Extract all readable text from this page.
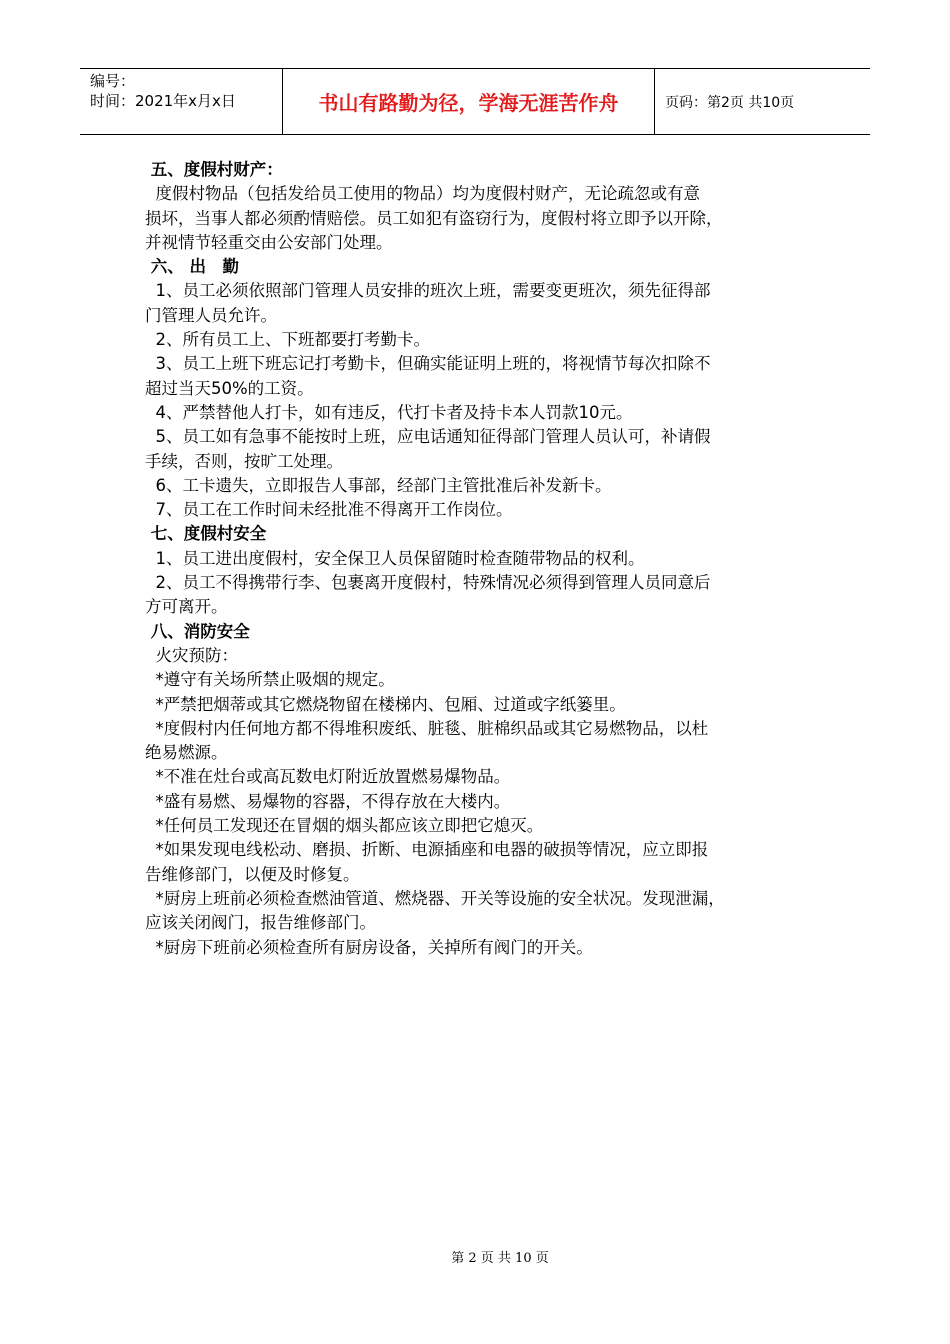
编号：
时间：2021年x月x日	书山有路勤为径，学海无涯苦作舟	页码：第2页 共10页
五、度假村财产：
度假村物品（包括发给员工使用的物品）均为度假村财产，无论疏忽或有意
损坏，当事人都必须酌情赔偿。员工如犯有盗窃行为，度假村将立即予以开除，
并视情节轻重交由公安部门处理。
六、 出　勤
1、员工必须依照部门管理人员安排的班次上班，需要变更班次，须先征得部
门管理人员允许。
2、所有员工上、下班都要打考勤卡。
3、员工上班下班忘记打考勤卡，但确实能证明上班的，将视情节每次扣除不
超过当天50%的工资。
4、严禁替他人打卡，如有违反，代打卡者及持卡本人罚款10元。
5、员工如有急事不能按时上班，应电话通知征得部门管理人员认可，补请假
手续，否则，按旷工处理。
6、工卡遗失，立即报告人事部，经部门主管批准后补发新卡。
7、员工在工作时间未经批准不得离开工作岗位。
七、度假村安全
1、员工进出度假村，安全保卫人员保留随时检查随带物品的权利。
2、员工不得携带行李、包裹离开度假村，特殊情况必须得到管理人员同意后
方可离开。
八、消防安全
火灾预防：
*遵守有关场所禁止吸烟的规定。
*严禁把烟蒂或其它燃烧物留在楼梯内、包厢、过道或字纸篓里。
*度假村内任何地方都不得堆积废纸、脏毯、脏棉织品或其它易燃物品，以杜
绝易燃源。
*不准在灶台或高瓦数电灯附近放置燃易爆物品。
*盛有易燃、易爆物的容器，不得存放在大楼内。
*任何员工发现还在冒烟的烟头都应该立即把它熄灭。
*如果发现电线松动、磨损、折断、电源插座和电器的破损等情况，应立即报
告维修部门，以便及时修复。
*厨房上班前必须检查燃油管道、燃烧器、开关等设施的安全状况。发现泄漏，
应该关闭阀门，报告维修部门。
*厨房下班前必须检查所有厨房设备，关掉所有阀门的开关。
第 2 页 共 10 页
